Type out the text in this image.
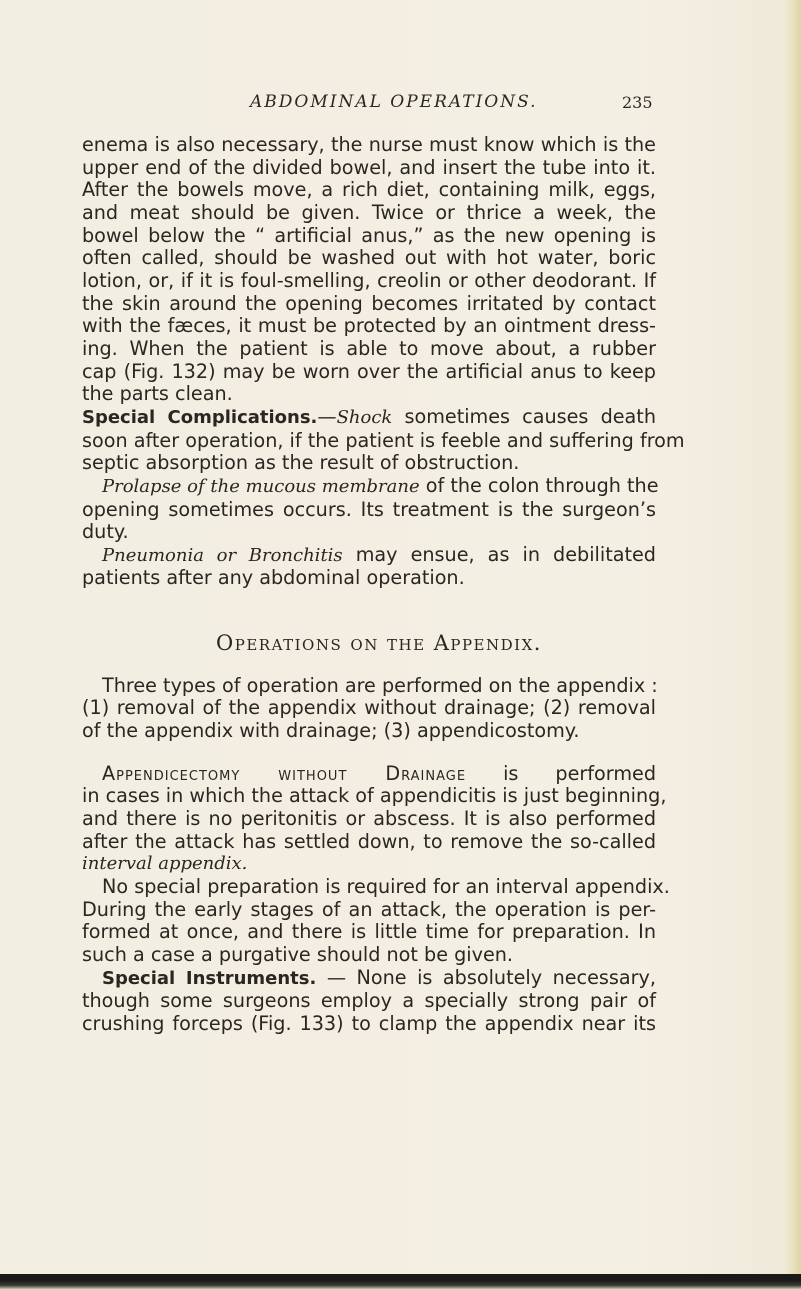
ABDOMINAL OPERATIONS.	235

enema is also necessary, the nurse must know which is the
upper end of the divided bowel, and insert the tube into it.
After the bowels move, a rich diet, containing milk, eggs,
and meat should be given. Twice or thrice a week, the
bowel below the “ artificial anus,” as the new opening is
often called, should be washed out with hot water, boric
lotion, or, if it is foul-smelling, creolin or other deodorant. If
the skin around the opening becomes irritated by contact
with the fæces, it must be protected by an ointment dress-
ing. When the patient is able to move about, a rubber
cap (Fig. 132) may be worn over the artificial anus to keep
the parts clean.

Special Complications.—Shock sometimes causes death
soon after operation, if the patient is feeble and suffering from
septic absorption as the result of obstruction.

Prolapse of the mucous membrane of the colon through the
opening sometimes occurs. Its treatment is the surgeon’s
duty.

Pneumonia or Bronchitis may ensue, as in debilitated
patients after any abdominal operation.

Operations on the Appendix.

Three types of operation are performed on the appendix :
(1) removal of the appendix without drainage; (2) removal
of the appendix with drainage; (3) appendicostomy.

Appendicectomy without Drainage is performed
in cases in which the attack of appendicitis is just beginning,
and there is no peritonitis or abscess. It is also performed
after the attack has settled down, to remove the so-called
interval appendix.

No special preparation is required for an interval appendix.
During the early stages of an attack, the operation is per-
formed at once, and there is little time for preparation. In
such a case a purgative should not be given.

Special Instruments. — None is absolutely necessary,
though some surgeons employ a specially strong pair of
crushing forceps (Fig. 133) to clamp the appendix near its
